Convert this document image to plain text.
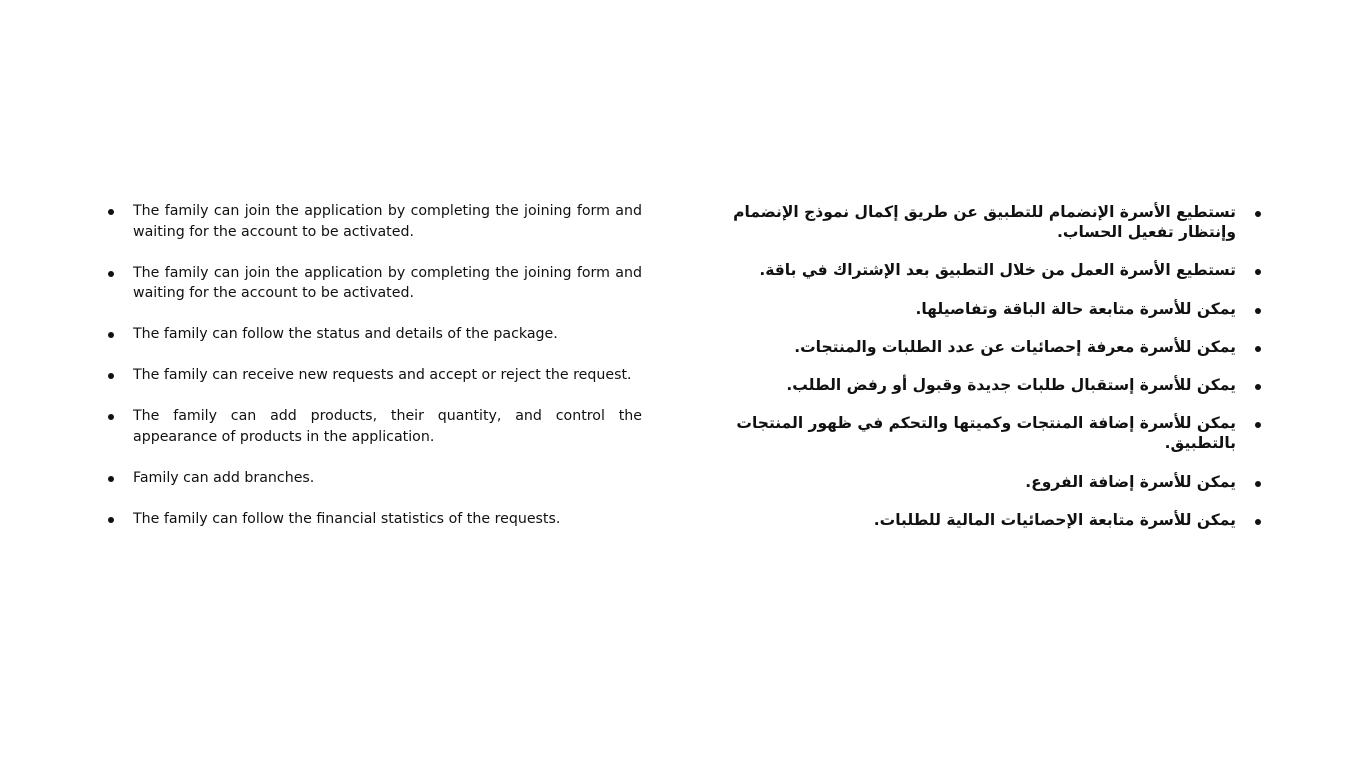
The family can join the application by completing the joining form and waiting for the account to be activated.
The family can join the application by completing the joining form and waiting for the account to be activated.
The family can follow the status and details of the package.
The family can receive new requests and accept or reject the request.
The family can add products, their quantity, and control the appearance of products in the application.
Family can add branches.
The family can follow the financial statistics of the requests.
تستطيع الأسرة الإنضمام للتطبيق عن طريق إكمال نموذج الإنضمام وإنتظار تفعيل الحساب.
تستطيع الأسرة العمل من خلال التطبيق بعد الإشتراك في باقة.
يمكن للأسرة متابعة حالة الباقة وتفاصيلها.
يمكن للأسرة معرفة إحصائيات عن عدد الطلبات والمنتجات.
يمكن للأسرة إستقبال طلبات جديدة وقبول أو رفض الطلب.
يمكن للأسرة إضافة المنتجات وكميتها والتحكم في ظهور المنتجات بالتطبيق.
يمكن للأسرة إضافة الفروع.
يمكن للأسرة متابعة الإحصائيات المالية للطلبات.
